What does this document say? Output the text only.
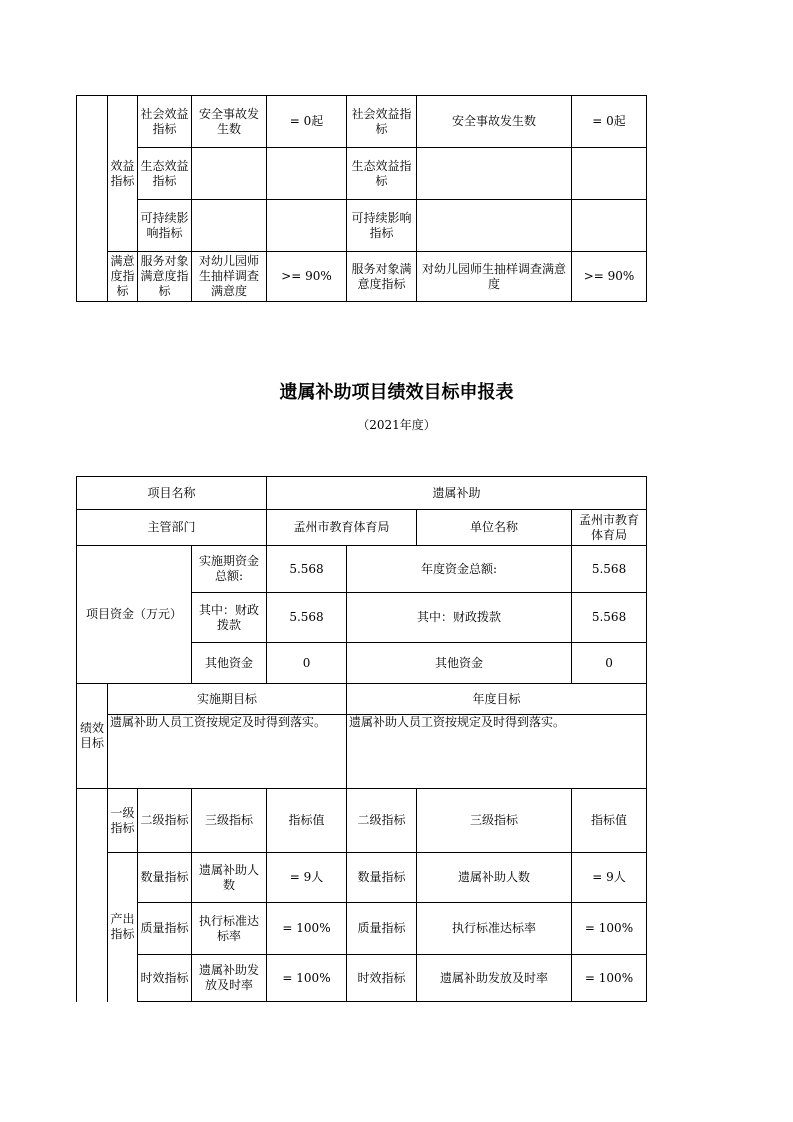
	效益指标	社会效益指标	安全事故发生数	= 0起	社会效益指标	安全事故发生数	= 0起
		生态效益指标			生态效益指标		
		可持续影响指标			可持续影响指标		
	满意度指标	服务对象满意度指标	对幼儿园师生抽样调查满意度	>= 90%	服务对象满意度指标	对幼儿园师生抽样调查满意度	>= 90%
遗属补助项目绩效目标申报表
（2021年度）
项目名称				遗属补助			
主管部门				孟州市教育体育局		单位名称	孟州市教育体育局
项目资金（万元）			实施期资金总额:	5.568	年度资金总额:		5.568
			其中：财政拨款	5.568	其中：财政拨款		5.568
			其他资金	0	其他资金		0
绩效目标	实施期目标				年度目标		
	遗属补助人员工资按规定及时得到落实。				遗属补助人员工资按规定及时得到落实。		
	一级指标	二级指标	三级指标	指标值	二级指标	三级指标	指标值
	产出指标	数量指标	遗属补助人数	= 9人	数量指标	遗属补助人数	= 9人
		质量指标	执行标准达标率	= 100%	质量指标	执行标准达标率	= 100%
		时效指标	遗属补助发放及时率	= 100%	时效指标	遗属补助发放及时率	= 100%
